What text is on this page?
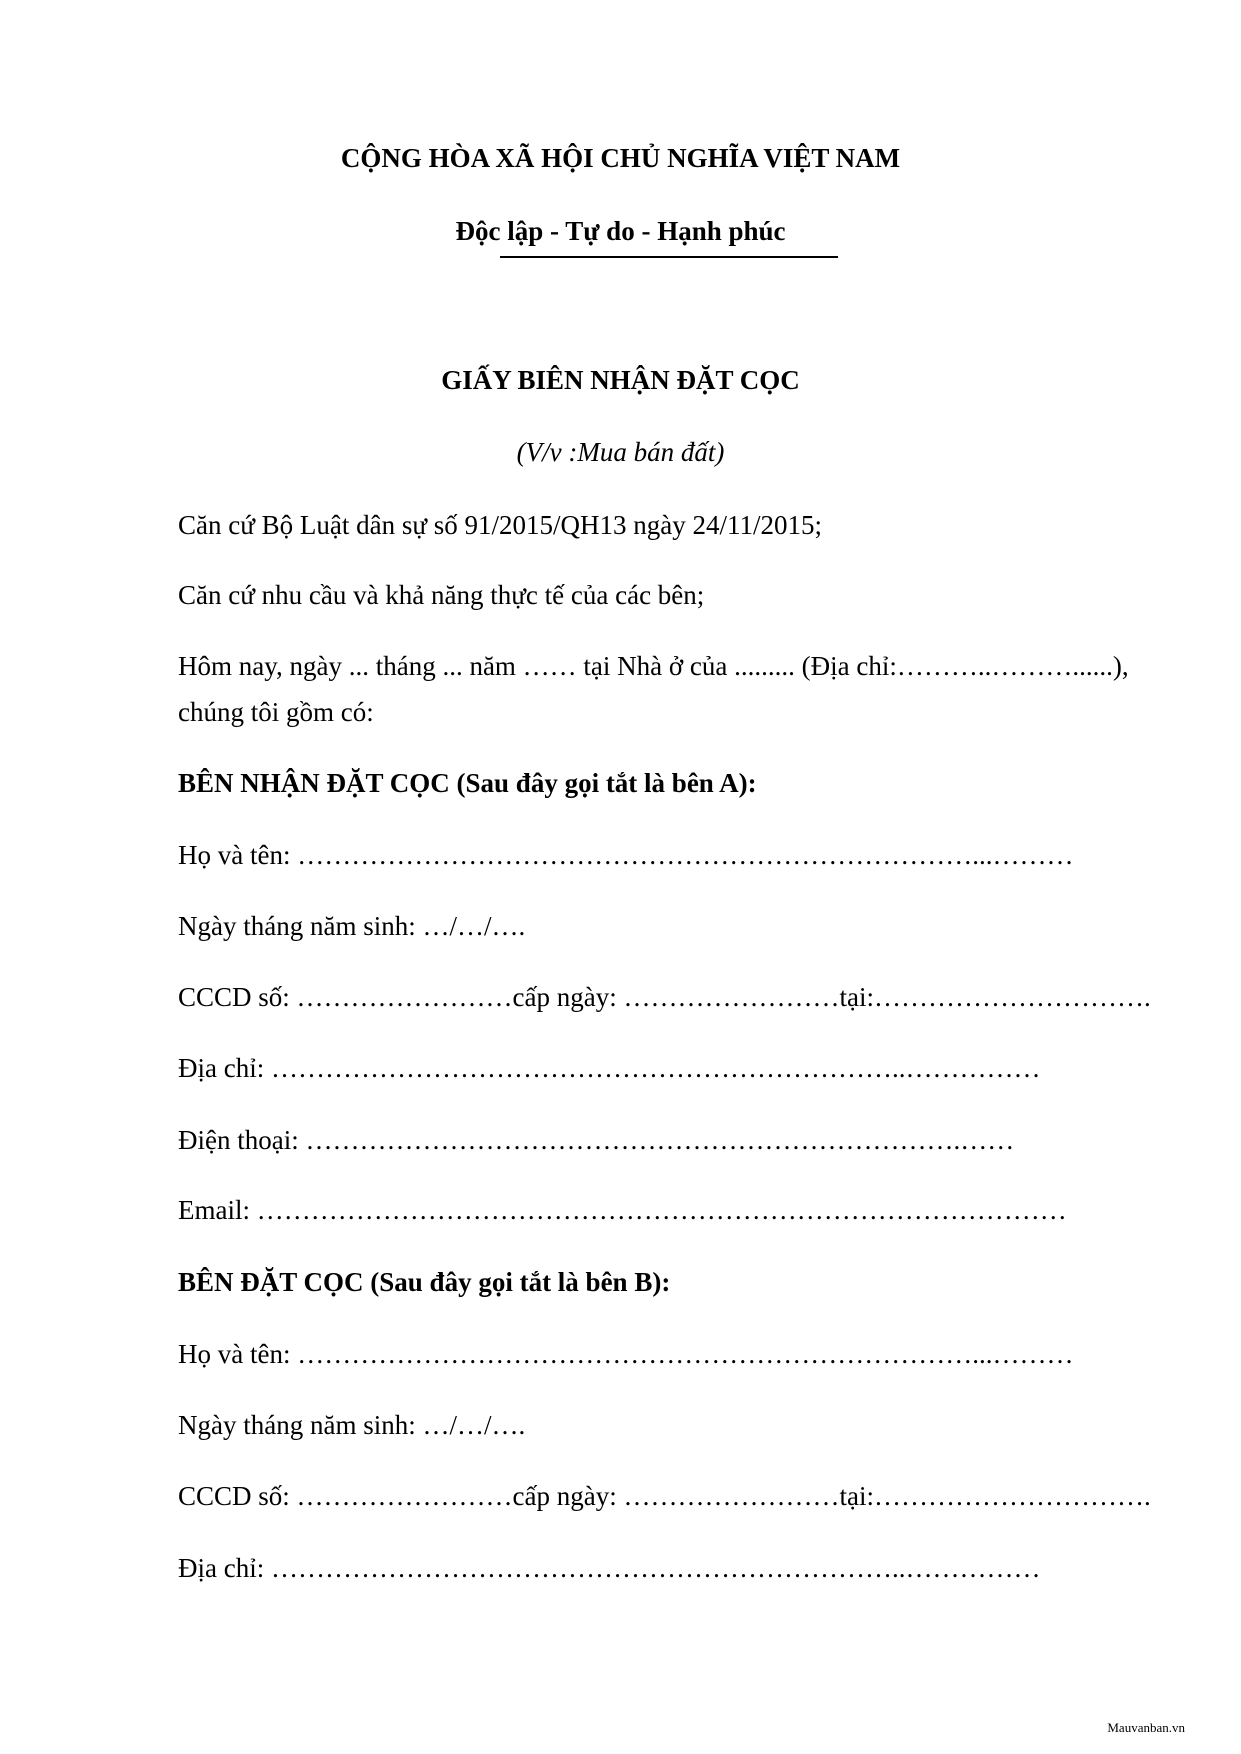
CỘNG HÒA XÃ HỘI CHỦ NGHĨA VIỆT NAM
Độc lập - Tự do - Hạnh phúc
GIẤY BIÊN NHẬN ĐẶT CỌC
(V/v :Mua bán đất)
Căn cứ Bộ Luật dân sự số 91/2015/QH13 ngày 24/11/2015;
Căn cứ nhu cầu và khả năng thực tế của các bên;
Hôm nay, ngày ... tháng ... năm …… tại Nhà ở của ......... (Địa chỉ:………..………......),
chúng tôi gồm có:
BÊN NHẬN ĐẶT CỌC (Sau đây gọi tắt là bên A):
Họ và tên: …………………………………………………………………...………
Ngày tháng năm sinh: …/…/….
CCCD số: ……………………cấp ngày: ……………………tại:………………………….
Địa chỉ: ……………………………………………………………..……………
Điện thoại: ……………………………………………………………….……
Email: ………………………………………………………………………………
BÊN ĐẶT CỌC (Sau đây gọi tắt là bên B):
Họ và tên: …………………………………………………………………...………
Ngày tháng năm sinh: …/…/….
CCCD số: ……………………cấp ngày: ……………………tại:………………………….
Địa chỉ: ……………………………………………………………..……………
Mauvanban.vn
